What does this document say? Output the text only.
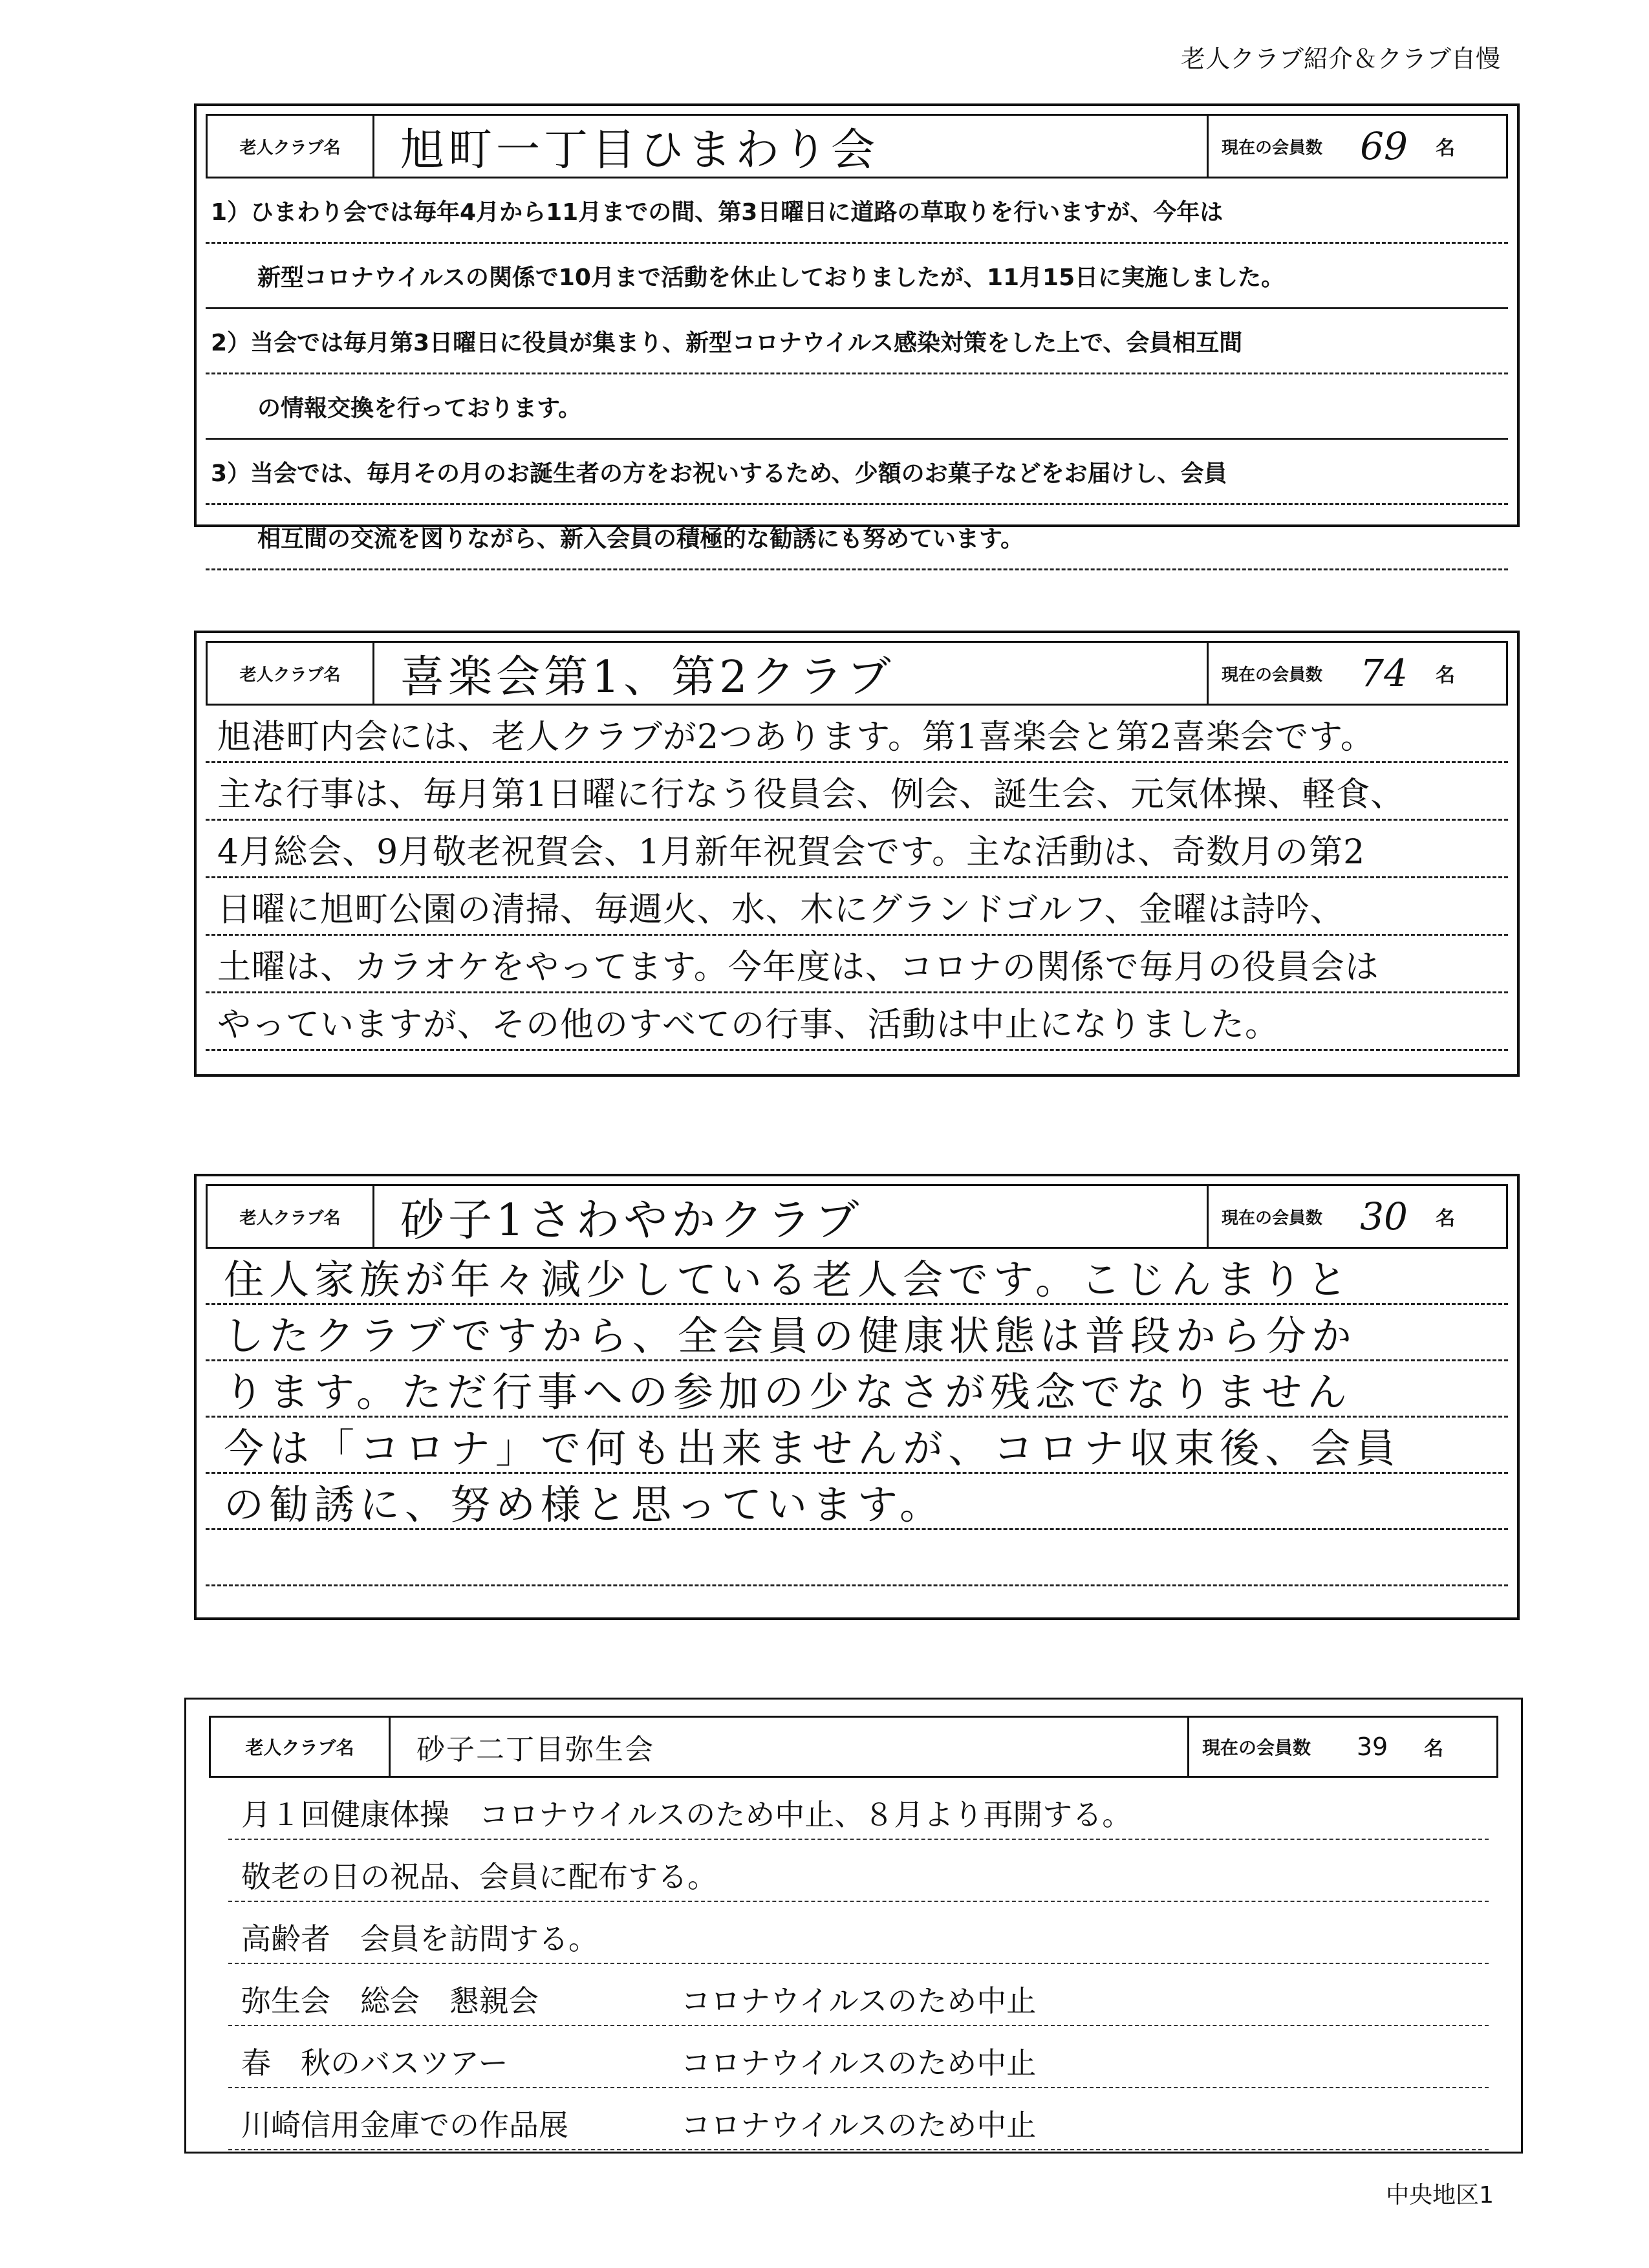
老人クラブ紹介＆クラブ自慢
老人クラブ名	旭町一丁目ひまわり会	現在の会員数 69 名
1）ひまわり会では毎年4月から11月までの間、第3日曜日に道路の草取りを行いますが、今年は
新型コロナウイルスの関係で10月まで活動を休止しておりましたが、11月15日に実施しました。
2）当会では毎月第3日曜日に役員が集まり、新型コロナウイルス感染対策をした上で、会員相互間
の情報交換を行っております。
3）当会では、毎月その月のお誕生者の方をお祝いするため、少額のお菓子などをお届けし、会員
相互間の交流を図りながら、新入会員の積極的な勧誘にも努めています。
老人クラブ名	喜楽会第1、第2クラブ	現在の会員数 74 名
旭港町内会には、老人クラブが2つあります。第1喜楽会と第2喜楽会です。
主な行事は、毎月第1日曜に行なう役員会、例会、誕生会、元気体操、軽食、
4月総会、9月敬老祝賀会、1月新年祝賀会です。主な活動は、奇数月の第2
日曜に旭町公園の清掃、毎週火、水、木にグランドゴルフ、金曜は詩吟、
土曜は、カラオケをやってます。今年度は、コロナの関係で毎月の役員会は
やっていますが、その他のすべての行事、活動は中止になりました。
老人クラブ名	砂子1さわやかクラブ	現在の会員数 30 名
住人家族が年々減少している老人会です。こじんまりと
したクラブですから、全会員の健康状態は普段から分か
ります。ただ行事への参加の少なさが残念でなりません
今は「コロナ」で何も出来ませんが、コロナ収束後、会員
の勧誘に、努め様と思っています。
老人クラブ名	砂子二丁目弥生会	現在の会員数	39	名
月１回健康体操　コロナウイルスのため中止、８月より再開する。
敬老の日の祝品、会員に配布する。
高齢者　会員を訪問する。
弥生会　総会　懇親会	コロナウイルスのため中止
春　秋のバスツアー	コロナウイルスのため中止
川崎信用金庫での作品展	コロナウイルスのため中止
中央地区1
